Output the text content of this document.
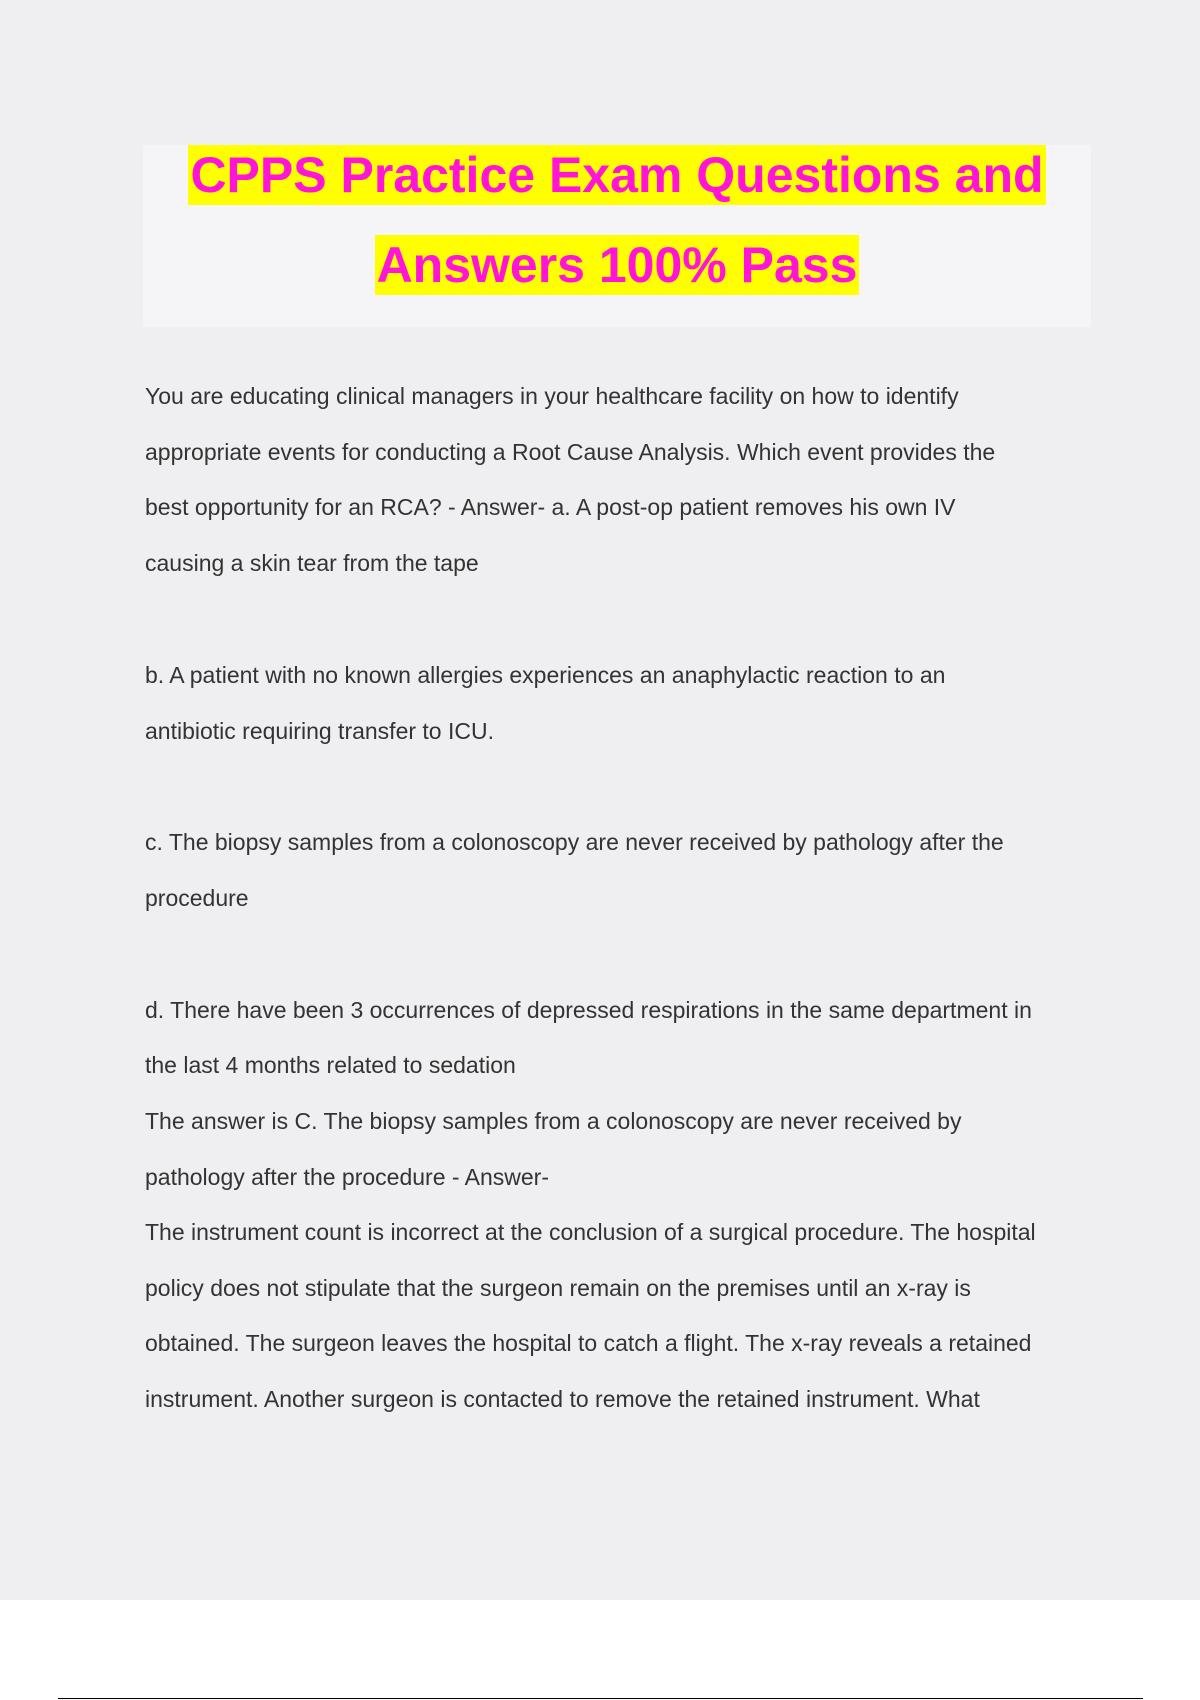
CPPS Practice Exam Questions and
Answers 100% Pass
You are educating clinical managers in your healthcare facility on how to identify
appropriate events for conducting a Root Cause Analysis. Which event provides the
best opportunity for an RCA? - Answer- a. A post-op patient removes his own IV
causing a skin tear from the tape
b. A patient with no known allergies experiences an anaphylactic reaction to an
antibiotic requiring transfer to ICU.
c. The biopsy samples from a colonoscopy are never received by pathology after the
procedure
d. There have been 3 occurrences of depressed respirations in the same department in
the last 4 months related to sedation
The answer is C. The biopsy samples from a colonoscopy are never received by
pathology after the procedure - Answer-
The instrument count is incorrect at the conclusion of a surgical procedure. The hospital
policy does not stipulate that the surgeon remain on the premises until an x-ray is
obtained. The surgeon leaves the hospital to catch a flight. The x-ray reveals a retained
instrument. Another surgeon is contacted to remove the retained instrument. What
